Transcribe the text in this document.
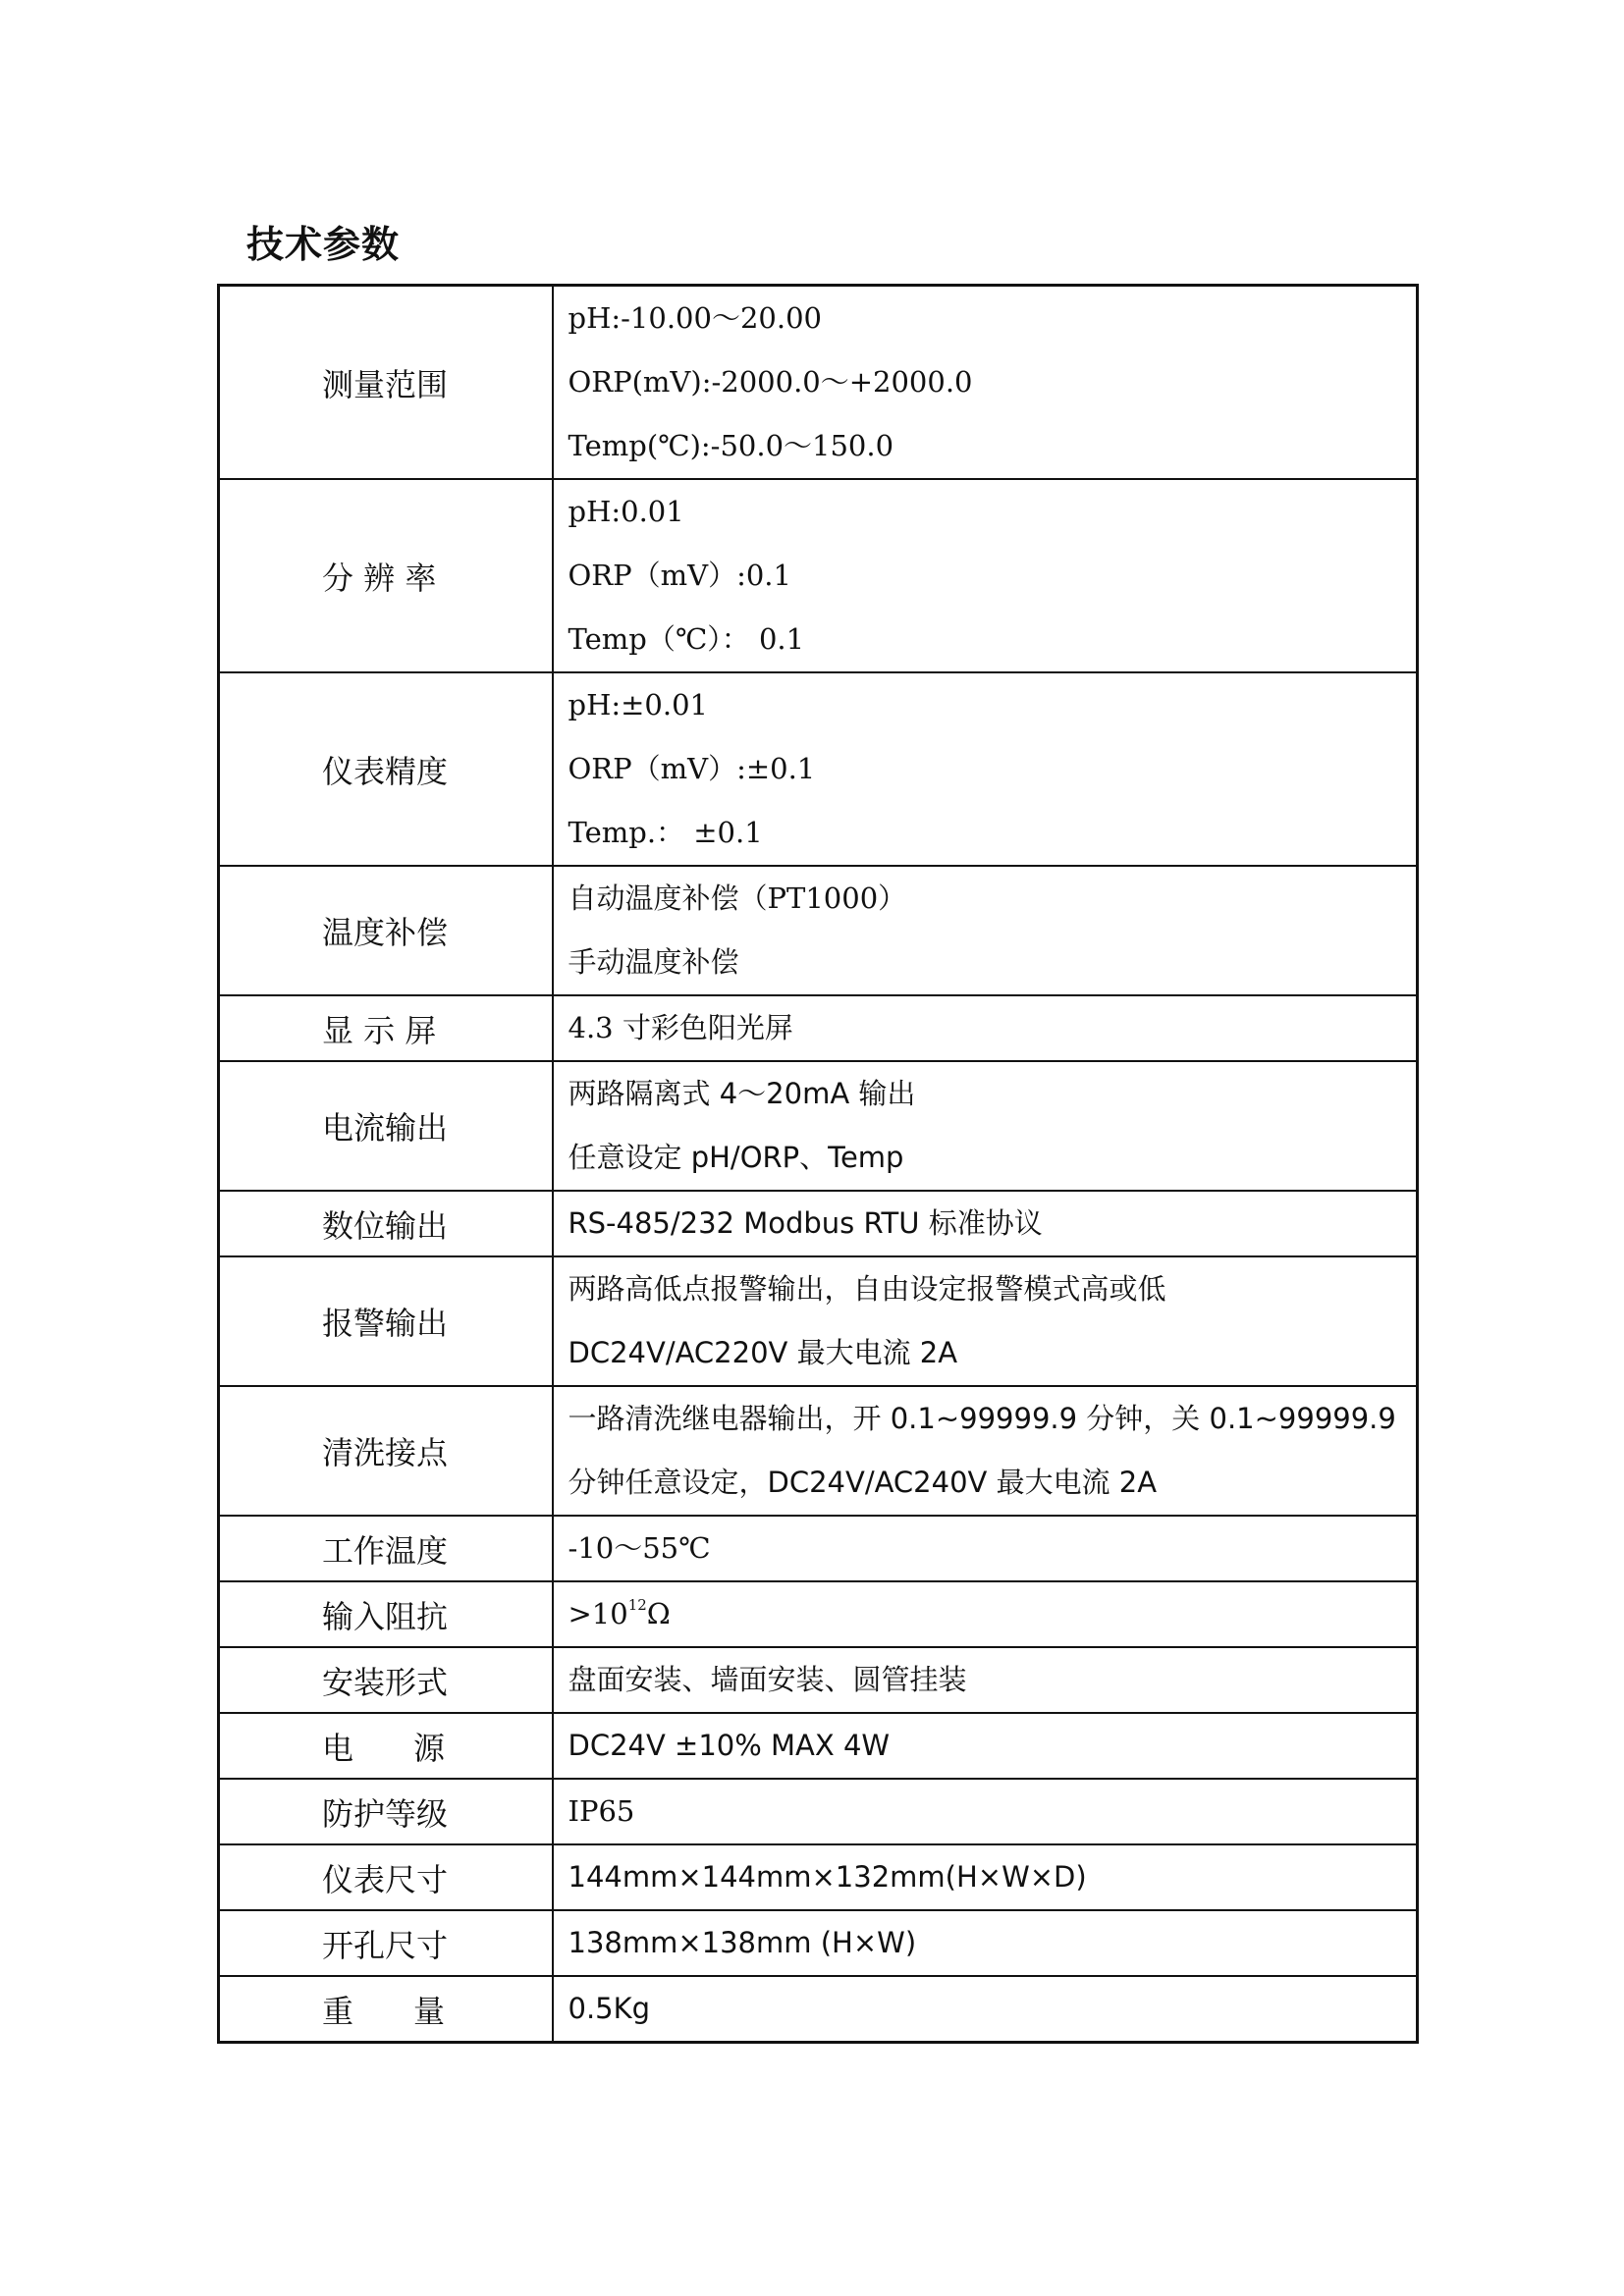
技术参数
测量范围	pH:-10.00～20.00
ORP(mV):-2000.0～+2000.0
Temp(℃):-50.0～150.0

分 辨 率	pH:0.01
ORP（mV）:0.1
Temp（℃）： 0.1

仪表精度	pH:±0.01
ORP（mV）:±0.1
Temp.： ±0.1

温度补偿	自动温度补偿（PT1000）
手动温度补偿

显 示 屏	4.3 寸彩色阳光屏

电流输出	两路隔离式 4～20mA 输出
任意设定 pH/ORP、Temp

数位输出	RS-485/232 Modbus RTU 标准协议

报警输出	两路高低点报警输出，自由设定报警模式高或低
DC24V/AC220V 最大电流 2A

清洗接点	一路清洗继电器输出，开 0.1~99999.9 分钟，关 0.1~99999.9
分钟任意设定，DC24V/AC240V 最大电流 2A

工作温度	-10～55℃

输入阻抗	$>10^{12}\Omega$

安装形式	盘面安装、墙面安装、圆管挂装

电      源	DC24V ±10% MAX 4W

防护等级	IP65

仪表尺寸	144mm×144mm×132mm(H×W×D)

开孔尺寸	138mm×138mm (H×W)

重      量	0.5Kg
